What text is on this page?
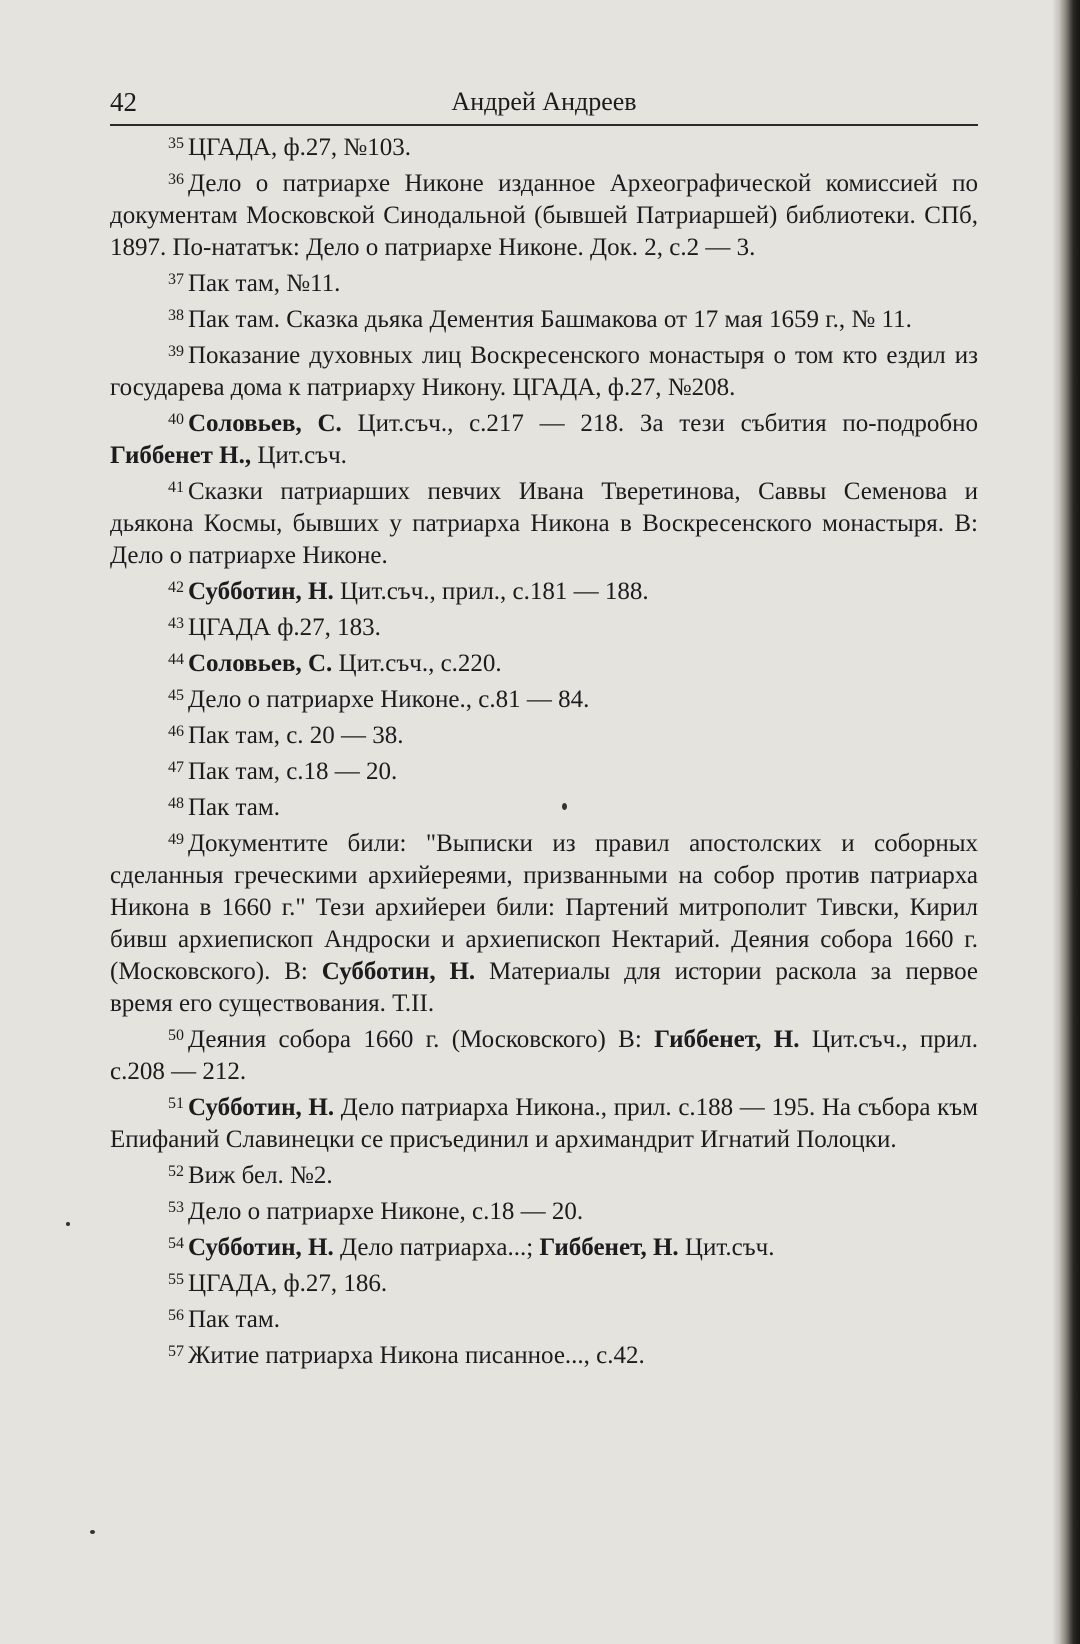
42	Андрей Андреев

$^{35}$ ЦГАДА, ф.27, №103.

$^{36}$ Дело о патриархе Никоне изданное Археографической комиссией по документам Московской Синодальной (бывшей Патриаршей) библиотеки. СПб, 1897. По-нататък: Дело о патриархе Никоне. Док. 2, с.2 — 3.

$^{37}$ Пак там, №11.

$^{38}$ Пак там. Сказка дьяка Дементия Башмакова от 17 мая 1659 г., № 11.

$^{39}$ Показание духовных лиц Воскресенского монастыря о том кто ездил из государева дома к патриарху Никону. ЦГАДА, ф.27, №208.

$^{40}$ Соловьев, С. Цит.съч., с.217 — 218. За тези събития по-подробно Гиббенет Н., Цит.съч.

$^{41}$ Сказки патриарших певчих Ивана Тверетинова, Саввы Семенова и дьякона Космы, бывших у патриарха Никона в Воскресенского монастыря. В: Дело о патриархе Никоне.

$^{42}$ Субботин, Н. Цит.съч., прил., с.181 — 188.

$^{43}$ ЦГАДА ф.27, 183.

$^{44}$ Соловьев, С. Цит.съч., с.220.

$^{45}$ Дело о патриархе Никоне., с.81 — 84.

$^{46}$ Пак там, с. 20 — 38.

$^{47}$ Пак там, с.18 — 20.

$^{48}$ Пак там.

$^{49}$ Документите били: "Выписки из правил апостолских и соборных сделанныя греческими архийереями, призванными на собор против патриарха Никона в 1660 г." Тези архийереи били: Партений митрополит Тивски, Кирил бивш архиепископ Андроски и архиепископ Нектарий. Деяния собора 1660 г. (Московского). В: Субботин, Н. Материалы для истории раскола за первое время его существования. Т.II.

$^{50}$ Деяния собора 1660 г. (Московского) В: Гиббенет, Н. Цит.съч., прил. с.208 — 212.

$^{51}$ Субботин, Н. Дело патриарха Никона., прил. с.188 — 195. На събора към Епифаний Славинецки се присъединил и архимандрит Игнатий Полоцки.

$^{52}$ Виж бел. №2.

$^{53}$ Дело о патриархе Никоне, с.18 — 20.

$^{54}$ Субботин, Н. Дело патриарха...; Гиббенет, Н. Цит.съч.

$^{55}$ ЦГАДА, ф.27, 186.

$^{56}$ Пак там.

$^{57}$ Житие патриарха Никона писанное..., с.42.
